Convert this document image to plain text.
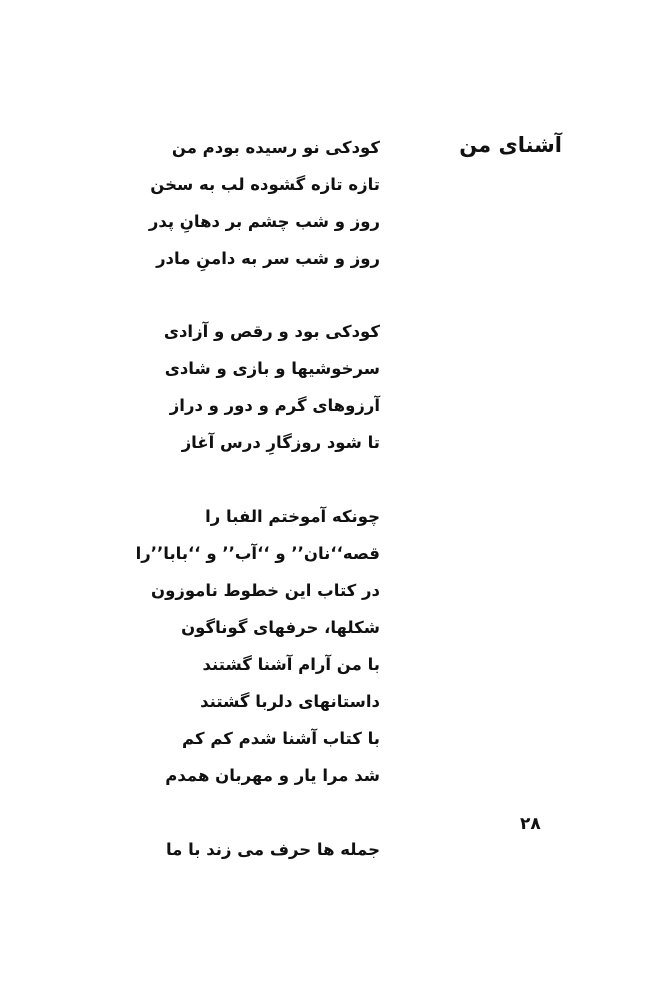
آشنای من
کودکی نو رسیده بودم من
تازه تازه گشوده لب به سخن
روز و شب چشم بر دهانِ پدر
روز و شب سر به دامنِ مادر
کودکی بود و رقص و آزادی
سرخوشیها و بازی و شادی
آرزوهای گرم و دور و دراز
تا شود روزگارِ درس آغاز
چونکه آموختم الفبا را
قصه‘‘نان’’ و ‘‘آب’’ و ‘‘بابا’’را
در کتاب این خطوط ناموزون
شکلها، حرفهای گوناگون
با من آرام آشنا گشتند
داستانهای دلربا گشتند
با کتاب آشنا شدم کم کم
شد مرا یار و مهربان همدم
۲۸
جمله ها حرف می زند با ما
